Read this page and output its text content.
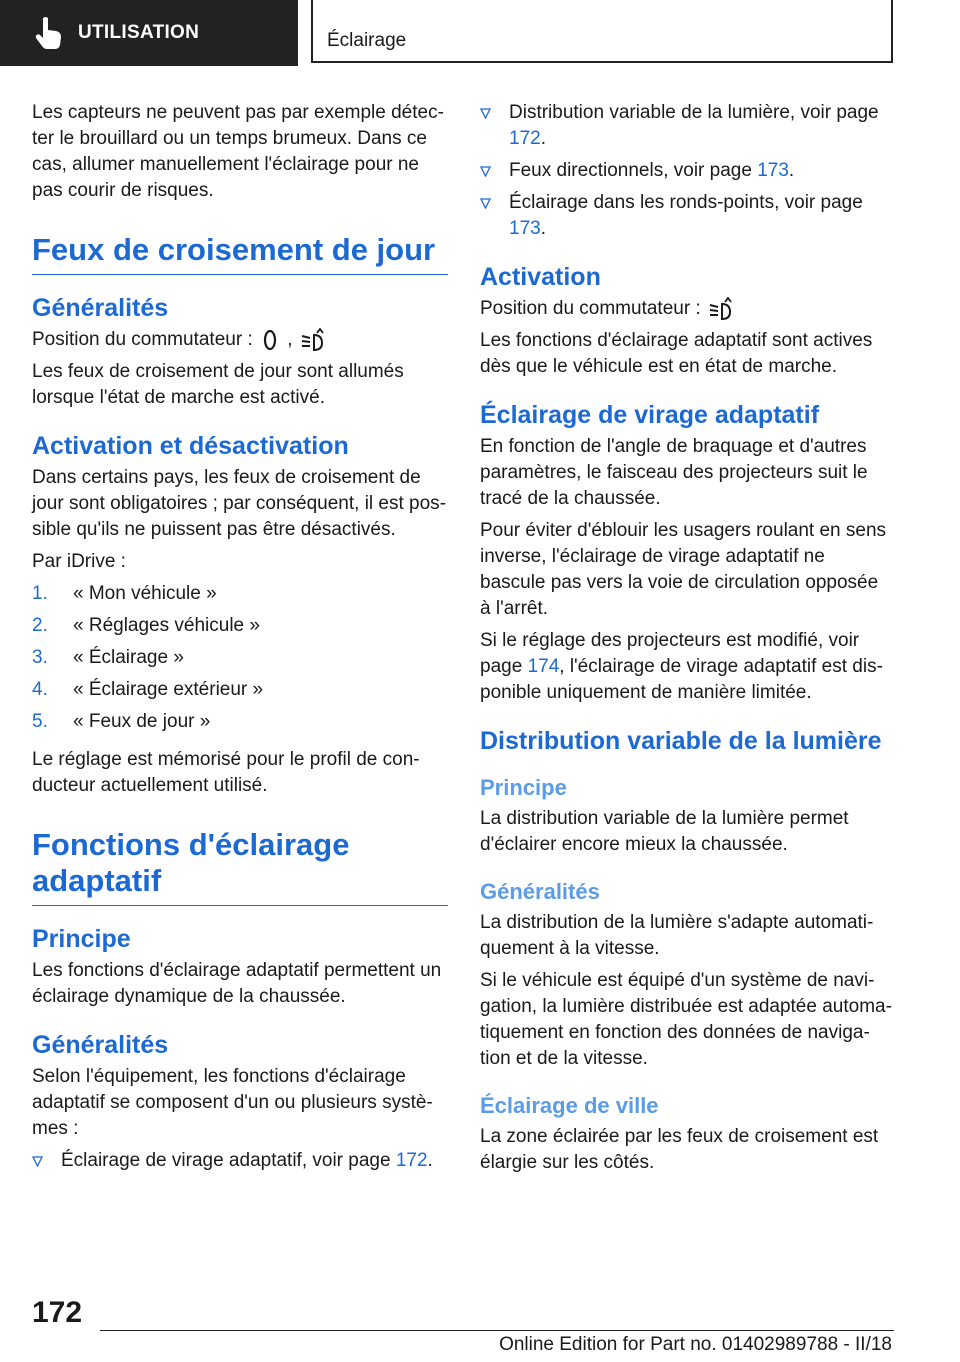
UTILISATION	Éclairage

Les capteurs ne peuvent pas par exemple détecter le brouillard ou un temps brumeux. Dans ce cas, allumer manuellement l'éclairage pour ne pas courir de risques.

Feux de croisement de jour
Généralités

Position du commutateur : ,

Les feux de croisement de jour sont allumés lorsque l'état de marche est activé.

Activation et désactivation

Dans certains pays, les feux de croisement de jour sont obligatoires ; par conséquent, il est possible qu'ils ne puissent pas être désactivés.

Par iDrive :

1.	« Mon véhicule »
2.	« Réglages véhicule »
3.	« Éclairage »
4.	« Éclairage extérieur »
5.	« Feux de jour »

Le réglage est mémorisé pour le profil de conducteur actuellement utilisé.

Fonctions d'éclairage adaptatif
Principe

Les fonctions d'éclairage adaptatif permettent un éclairage dynamique de la chaussée.

Généralités

Selon l'équipement, les fonctions d'éclairage adaptatif se composent d'un ou plusieurs systèmes :

Éclairage de virage adaptatif, voir page 172.
Distribution variable de la lumière, voir page 172.
Feux directionnels, voir page 173.
Éclairage dans les ronds-points, voir page 173.
Activation

Position du commutateur :

Les fonctions d'éclairage adaptatif sont actives dès que le véhicule est en état de marche.

Éclairage de virage adaptatif

En fonction de l'angle de braquage et d'autres paramètres, le faisceau des projecteurs suit le tracé de la chaussée.

Pour éviter d'éblouir les usagers roulant en sens inverse, l'éclairage de virage adaptatif ne bascule pas vers la voie de circulation opposée à l'arrêt.

Si le réglage des projecteurs est modifié, voir page 174, l'éclairage de virage adaptatif est disponible uniquement de manière limitée.

Distribution variable de la lumière
Principe

La distribution variable de la lumière permet d'éclairer encore mieux la chaussée.

Généralités

La distribution de la lumière s'adapte automatiquement à la vitesse.

Si le véhicule est équipé d'un système de navigation, la lumière distribuée est adaptée automatiquement en fonction des données de navigation et de la vitesse.

Éclairage de ville

La zone éclairée par les feux de croisement est élargie sur les côtés.

172
Online Edition for Part no. 01402989788 - II/18
